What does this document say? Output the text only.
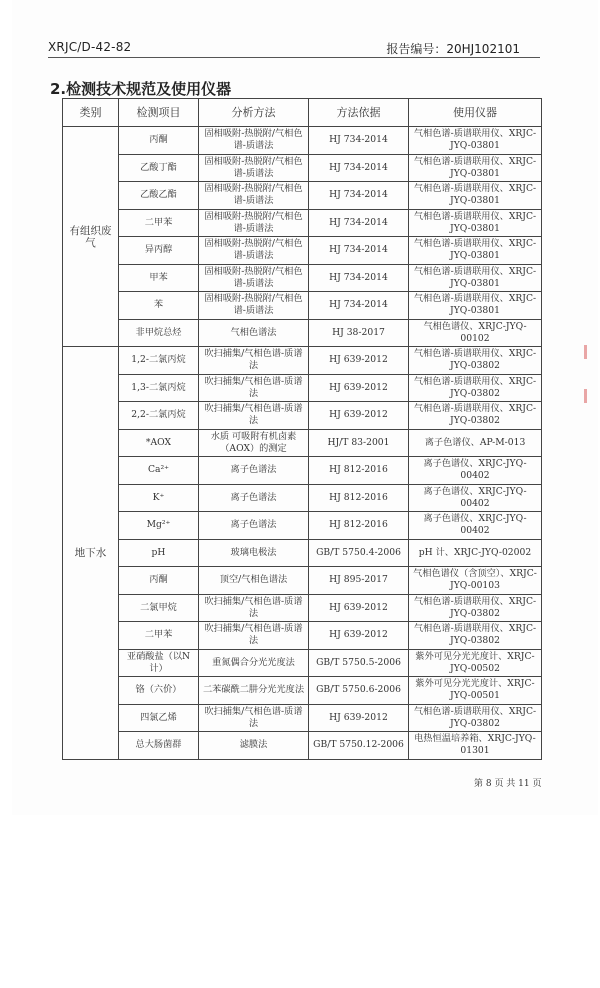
XRJC/D-42-82	报告编号：20HJ102101
2.检测技术规范及使用仪器
类别	检测项目	分析方法	方法依据	使用仪器
有组织废气	丙酮	固相吸附-热脱附/气相色谱-质谱法	HJ 734-2014	气相色谱-质谱联用仪、XRJC-JYQ-03801
	乙酸丁酯	固相吸附-热脱附/气相色谱-质谱法	HJ 734-2014	气相色谱-质谱联用仪、XRJC-JYQ-03801
	乙酸乙酯	固相吸附-热脱附/气相色谱-质谱法	HJ 734-2014	气相色谱-质谱联用仪、XRJC-JYQ-03801
	二甲苯	固相吸附-热脱附/气相色谱-质谱法	HJ 734-2014	气相色谱-质谱联用仪、XRJC-JYQ-03801
	异丙醇	固相吸附-热脱附/气相色谱-质谱法	HJ 734-2014	气相色谱-质谱联用仪、XRJC-JYQ-03801
	甲苯	固相吸附-热脱附/气相色谱-质谱法	HJ 734-2014	气相色谱-质谱联用仪、XRJC-JYQ-03801
	苯	固相吸附-热脱附/气相色谱-质谱法	HJ 734-2014	气相色谱-质谱联用仪、XRJC-JYQ-03801
	非甲烷总烃	气相色谱法	HJ 38-2017	气相色谱仪、XRJC-JYQ-00102
地下水	1,2-二氯丙烷	吹扫捕集/气相色谱-质谱法	HJ 639-2012	气相色谱-质谱联用仪、XRJC-JYQ-03802
	1,3-二氯丙烷	吹扫捕集/气相色谱-质谱法	HJ 639-2012	气相色谱-质谱联用仪、XRJC-JYQ-03802
	2,2-二氯丙烷	吹扫捕集/气相色谱-质谱法	HJ 639-2012	气相色谱-质谱联用仪、XRJC-JYQ-03802
	*AOX	水质 可吸附有机卤素（AOX）的测定	HJ/T 83-2001	离子色谱仪、AP-M-013
	Ca²⁺	离子色谱法	HJ 812-2016	离子色谱仪、XRJC-JYQ-00402
	K⁺	离子色谱法	HJ 812-2016	离子色谱仪、XRJC-JYQ-00402
	Mg²⁺	离子色谱法	HJ 812-2016	离子色谱仪、XRJC-JYQ-00402
	pH	玻璃电极法	GB/T 5750.4-2006	pH 计、XRJC-JYQ-02002
	丙酮	顶空/气相色谱法	HJ 895-2017	气相色谱仪（含顶空）、XRJC-JYQ-00103
	二氯甲烷	吹扫捕集/气相色谱-质谱法	HJ 639-2012	气相色谱-质谱联用仪、XRJC-JYQ-03802
	二甲苯	吹扫捕集/气相色谱-质谱法	HJ 639-2012	气相色谱-质谱联用仪、XRJC-JYQ-03802
	亚硝酸盐（以N计）	重氮偶合分光光度法	GB/T 5750.5-2006	紫外可见分光光度计、XRJC-JYQ-00502
	铬（六价）	二苯碳酰二肼分光光度法	GB/T 5750.6-2006	紫外可见分光光度计、XRJC-JYQ-00501
	四氯乙烯	吹扫捕集/气相色谱-质谱法	HJ 639-2012	气相色谱-质谱联用仪、XRJC-JYQ-03802
	总大肠菌群	滤膜法	GB/T 5750.12-2006	电热恒温培养箱、XRJC-JYQ-01301
第 8 页 共 11 页
